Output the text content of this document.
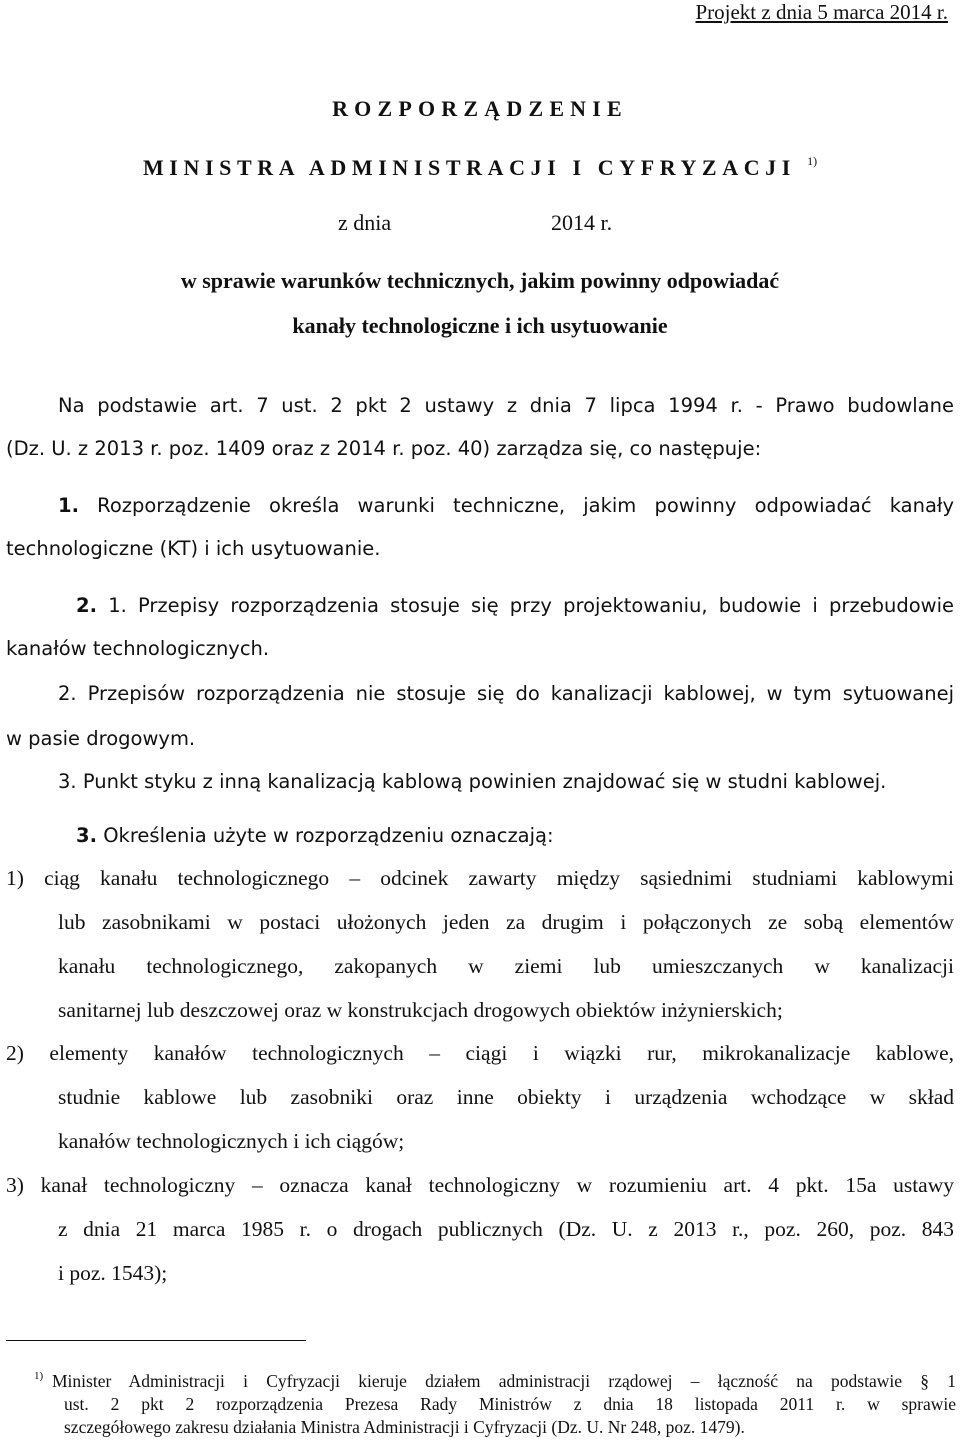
Projekt z dnia 5 marca 2014 r.
ROZPORZĄDZENIE
MINISTRA ADMINISTRACJI I CYFRYZACJI $^{1)}$
z dnia	2014 r.
w sprawie warunków technicznych, jakim powinny odpowiadać
kanały technologiczne i ich usytuowanie
Na podstawie art. 7 ust. 2 pkt 2 ustawy z dnia 7 lipca 1994 r. - Prawo budowlane
(Dz. U. z 2013 r. poz. 1409 oraz z 2014 r. poz. 40) zarządza się, co następuje:
1. Rozporządzenie określa warunki techniczne, jakim powinny odpowiadać kanały
technologiczne (KT) i ich usytuowanie.
2. 1. Przepisy rozporządzenia stosuje się przy projektowaniu, budowie i przebudowie
kanałów technologicznych.
2. Przepisów rozporządzenia nie stosuje się do kanalizacji kablowej, w tym sytuowanej
w pasie drogowym.
3. Punkt styku z inną kanalizacją kablową powinien znajdować się w studni kablowej.
3. Określenia użyte w rozporządzeniu oznaczają:
1) ciąg kanału technologicznego – odcinek zawarty między sąsiednimi studniami kablowymi
lub zasobnikami w postaci ułożonych jeden za drugim i połączonych ze sobą elementów
kanału technologicznego, zakopanych w ziemi lub umieszczanych w kanalizacji
sanitarnej lub deszczowej oraz w konstrukcjach drogowych obiektów inżynierskich;
2) elementy kanałów technologicznych – ciągi i wiązki rur, mikrokanalizacje kablowe,
studnie kablowe lub zasobniki oraz inne obiekty i urządzenia wchodzące w skład
kanałów technologicznych i ich ciągów;
3) kanał technologiczny – oznacza kanał technologiczny w rozumieniu art. 4 pkt. 15a ustawy
z dnia 21 marca 1985 r. o drogach publicznych (Dz. U. z 2013 r., poz. 260, poz. 843
i poz. 1543);
1) Minister Administracji i Cyfryzacji kieruje działem administracji rządowej – łączność na podstawie § 1
ust. 2 pkt 2 rozporządzenia Prezesa Rady Ministrów z dnia 18 listopada 2011 r. w sprawie
szczegółowego zakresu działania Ministra Administracji i Cyfryzacji (Dz. U. Nr 248, poz. 1479).
